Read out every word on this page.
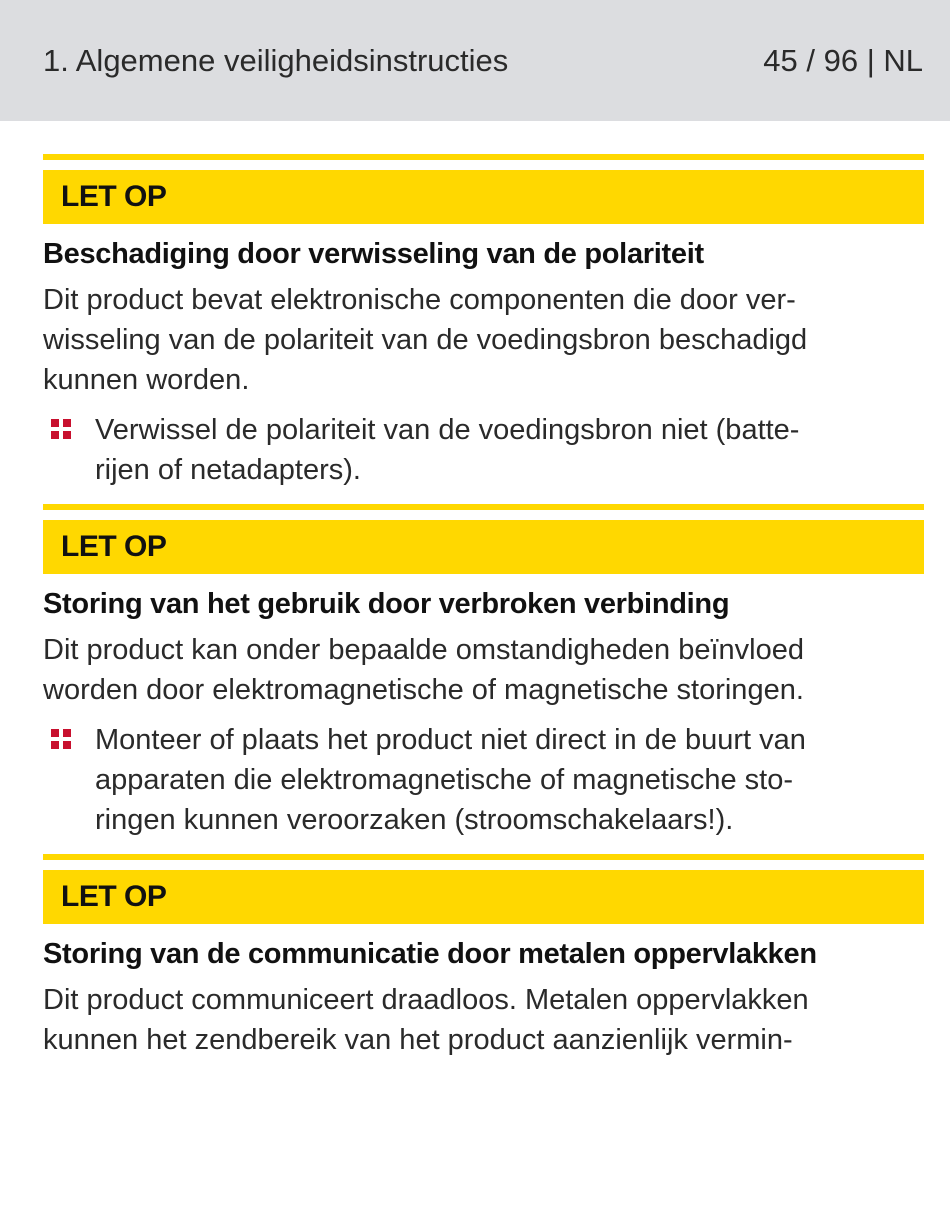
1. Algemene veiligheidsinstructies	45 / 96 | NL
LET OP
Beschadiging door verwisseling van de polariteit
Dit product bevat elektronische componenten die door ver-
wisseling van de polariteit van de voedingsbron beschadigd
kunnen worden.
Verwissel de polariteit van de voedingsbron niet (batte-
rijen of netadapters).
LET OP
Storing van het gebruik door verbroken verbinding
Dit product kan onder bepaalde omstandigheden beïnvloed
worden door elektromagnetische of magnetische storingen.
Monteer of plaats het product niet direct in de buurt van
apparaten die elektromagnetische of magnetische sto-
ringen kunnen veroorzaken (stroomschakelaars!).
LET OP
Storing van de communicatie door metalen oppervlakken
Dit product communiceert draadloos. Metalen oppervlakken
kunnen het zendbereik van het product aanzienlijk vermin-
